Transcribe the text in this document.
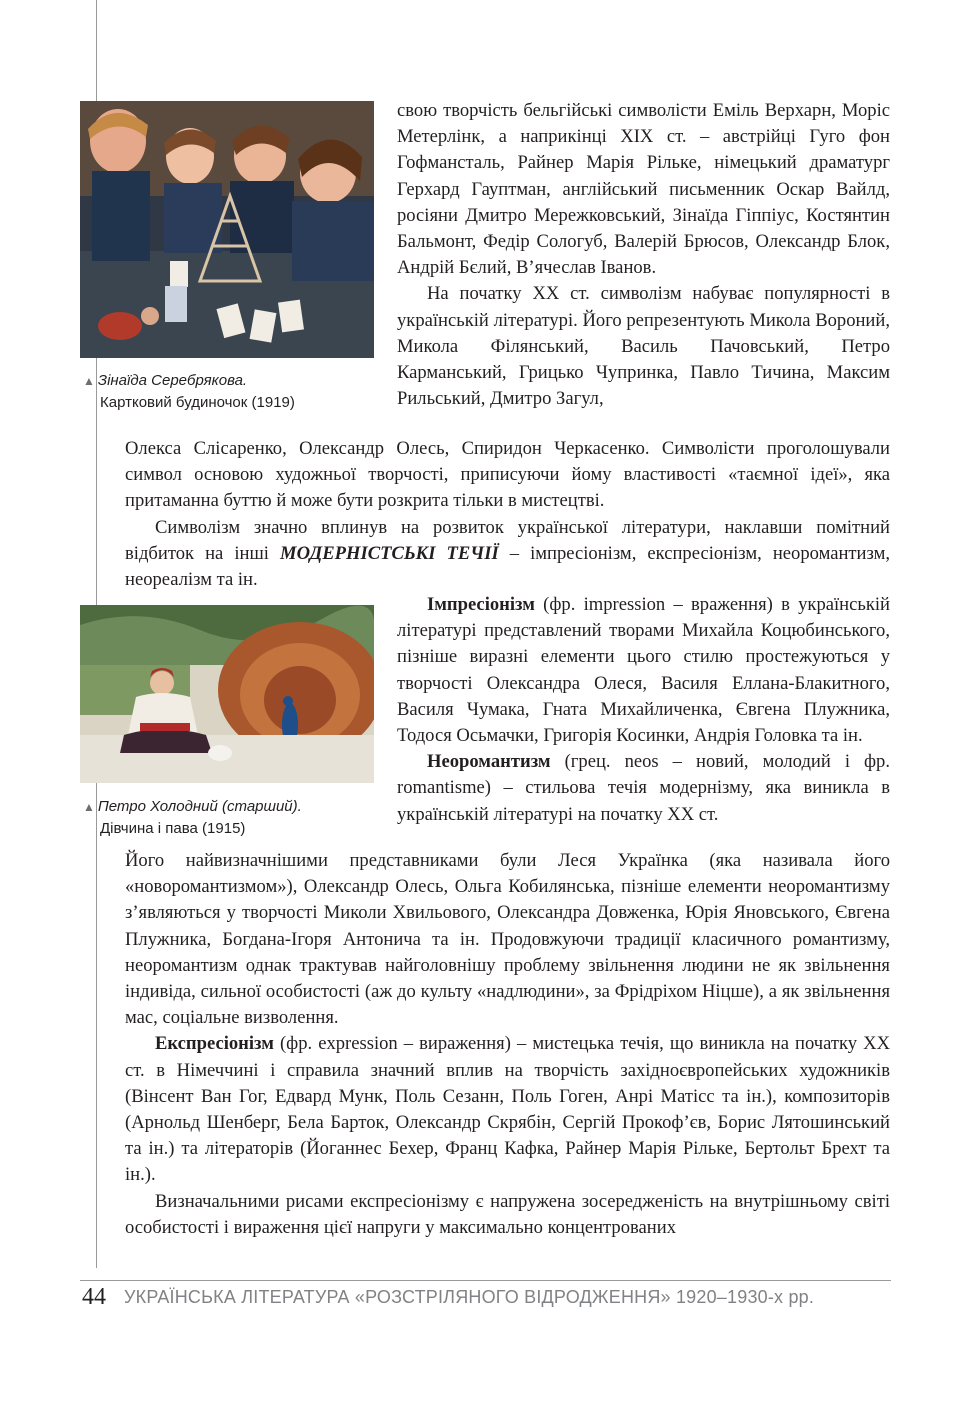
▲ Зінаїда Серебрякова.
Картковий будиночок (1919)
▲ Петро Холодний (старший).
Дівчина і пава (1915)

свою творчість бельгійські символісти Еміль Верхарн, Моріс Метерлінк, а наприкінці XIX ст. – австрійці Гуго фон Гофмансталь, Райнер Марія Рільке, німецький драматург Герхард Гауптман, англійський письменник Оскар Вайлд, росіяни Дмитро Мережковський, Зінаїда Гіппіус, Костянтин Бальмонт, Федір Сологуб, Валерій Брюсов, Олександр Блок, Андрій Бєлий, В’ячеслав Іванов.

На початку XX ст. символізм набуває популярності в українській літературі. Його репрезентують Микола Вороний, Микола Філянський, Василь Пачовський, Петро Карманський, Грицько Чупринка, Павло Тичина, Максим Рильський, Дмитро Загул,

Олекса Слісаренко, Олександр Олесь, Спиридон Черкасенко. Символісти проголошували символ основою художньої творчості, приписуючи йому властивості «таємної ідеї», яка притаманна буттю й може бути розкрита тільки в мистецтві.

Символізм значно вплинув на розвиток української літератури, наклавши помітний відбиток на інші МОДЕРНІСТСЬКІ ТЕЧІЇ – імпресіонізм, експресіонізм, неоромантизм, неореалізм та ін.

Імпресіонізм (фр. impression – враження) в українській літературі представлений творами Михайла Коцюбинського, пізніше виразні елементи цього стилю простежуються у творчості Олександра Олеся, Василя Еллана-Блакитного, Василя Чумака, Гната Михайличенка, Євгена Плужника, Тодося Осьмачки, Григорія Косинки, Андрія Головка та ін.

Неоромантизм (грец. neos – новий, молодий і фр. romantisme) – стильова течія модернізму, яка виникла в українській літературі на початку XX ст.

Його найвизначнішими представниками були Леся Українка (яка називала його «новоромантизмом»), Олександр Олесь, Ольга Кобилянська, пізніше елементи неоромантизму з’являються у творчості Миколи Хвильового, Олександра Довженка, Юрія Яновського, Євгена Плужника, Богдана-Ігоря Антонича та ін. Продовжуючи традиції класичного романтизму, неоромантизм однак трактував найголовнішу проблему звільнення людини не як звільнення індивіда, сильної особистості (аж до культу «надлюдини», за Фрідріхом Ніцше), а як звільнення мас, соціальне визволення.

Експресіонізм (фр. expression – вираження) – мистецька течія, що виникла на початку XX ст. в Німеччині і справила значний вплив на творчість західноєвропейських художників (Вінсент Ван Гог, Едвард Мунк, Поль Сезанн, Поль Гоген, Анрі Матісс та ін.), композиторів (Арнольд Шенберг, Бела Барток, Олександр Скрябін, Сергій Прокоф’єв, Борис Лятошинський та ін.) та літераторів (Йоганнес Бехер, Франц Кафка, Райнер Марія Рільке, Бертольт Брехт та ін.).

Визначальними рисами експресіонізму є напружена зосередженість на внутрішньому світі особистості і вираження цієї напруги у максимально концентрованих

44 УКРАЇНСЬКА ЛІТЕРАТУРА «РОЗСТРІЛЯНОГО ВІДРОДЖЕННЯ» 1920–1930-х рр.
